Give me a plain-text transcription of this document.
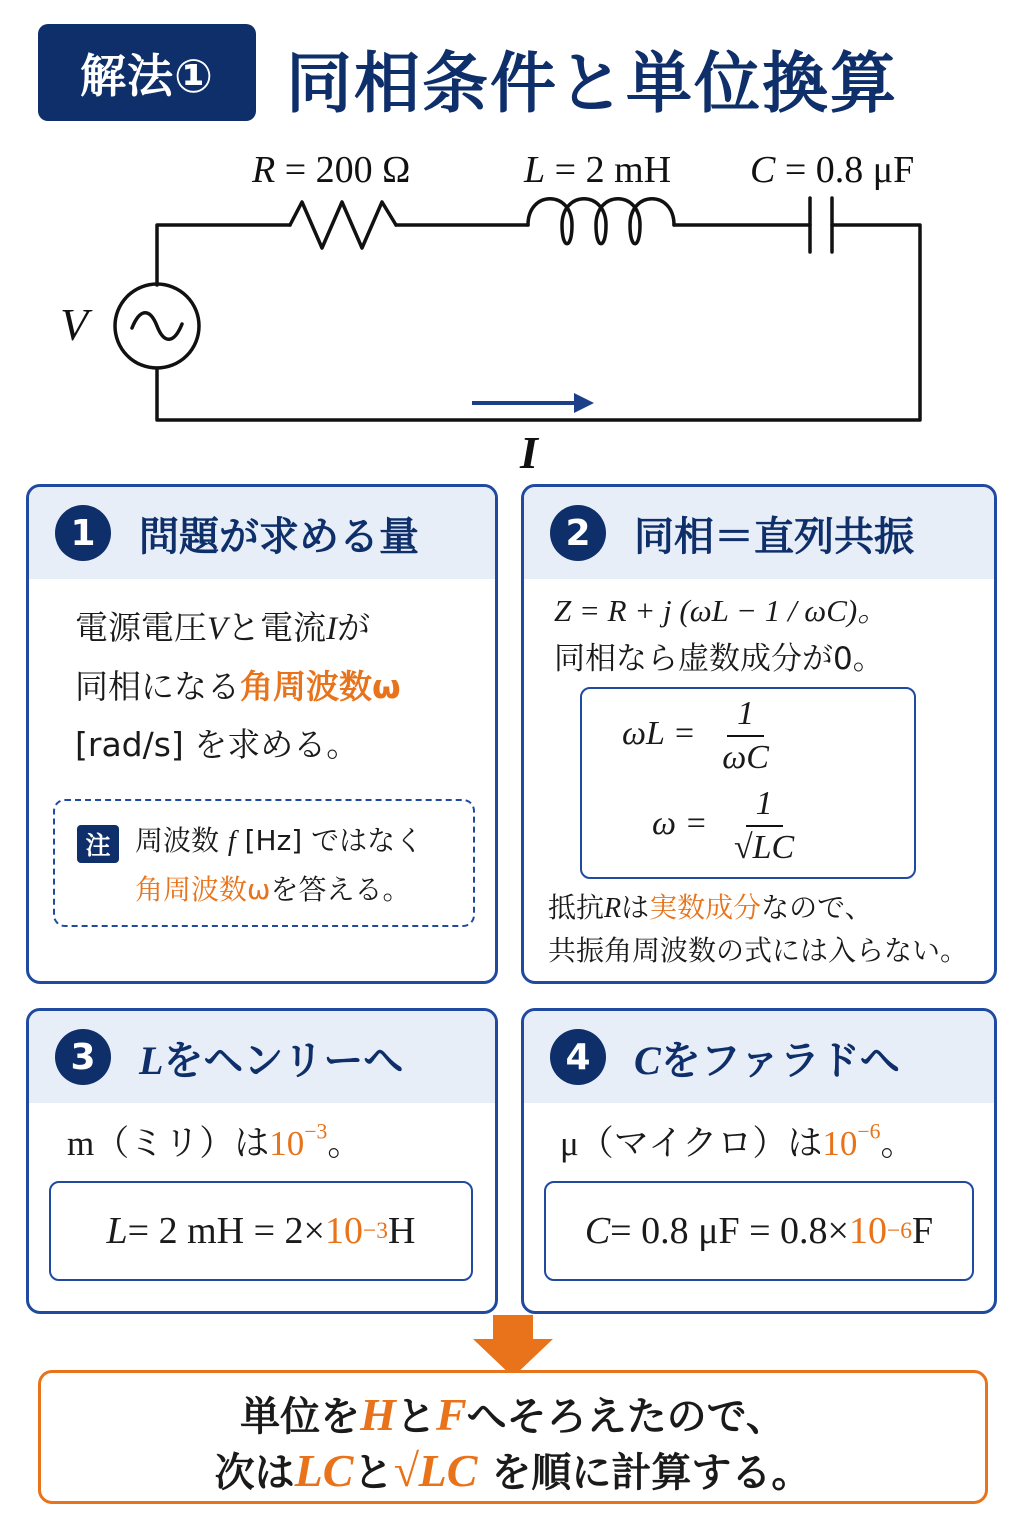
解法①	同相条件と単位換算
R = 200 Ω	L = 2 mH C = 0.8 μF
V
I
1	問題が求める量
電源電圧Vと電流Iが
同相になる角周波数ω
[rad/s] を求める。
注 周波数 f [Hz] ではなく
角周波数ωを答える。
2	同相＝直列共振
Z = R + j (ωL − 1 / ωC)。
同相なら虚数成分が0。
$\omega L = \frac{1}{\omega C}$
$\omega = \frac{1}{√LC}$
抵抗Rは実数成分なので、
共振角周波数の式には入らない。
3	Lをヘンリーへ
m（ミリ）は$10^{-3}$。
L = 2 mH = 2× 10 −3 H
4	Cをファラドへ
μ（マイクロ）は$10^{-6}$。
C = 0.8 μF = 0.8× 10 −6 F
単位をHとFへそろえたので、
次はLCと√LC を順に計算する。
